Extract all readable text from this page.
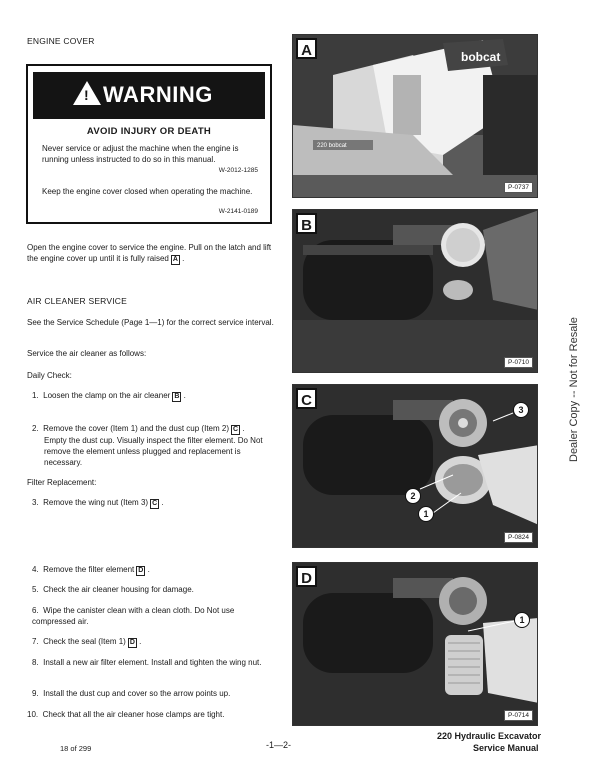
ENGINE COVER
! WARNING
AVOID INJURY OR DEATH
Never service or adjust the machine when the engine is running unless instructed to do so in this manual.
W-2012-1285
Keep the engine cover closed when operating the machine.
W-2141-0189
Open the engine cover to service the engine. Pull on the latch and lift the engine cover up until it is fully raised A .
AIR CLEANER SERVICE
See the Service Schedule (Page 1—1) for the correct service interval.
Service the air cleaner as follows:
Daily Check:
1. Loosen the clamp on the air cleaner B .
2. Remove the cover (Item 1) and the dust cup (Item 2) C .
Empty the dust cup. Visually inspect the filter element. Do Not remove the element unless plugged and replacement is necessary.
Filter Replacement:
3. Remove the wing nut (Item 3) C .
4. Remove the filter element D .
5. Check the air cleaner housing for damage.
6. Wipe the canister clean with a clean cloth. Do Not use compressed air.
7. Check the seal (Item 1) D .
8. Install a new air filter element. Install and tighten the wing nut.
9. Install the dust cup and cover so the arrow points up.
10. Check that all the air cleaner hose clamps are tight.
bobcat
220 bobcat
A
P-0737
B
P-0710
C
3
2
1
P-0824
D
1
P-0714
Dealer Copy -- Not for Resale
18 of 299	-1—2-
220 Hydraulic Excavator
Service Manual
